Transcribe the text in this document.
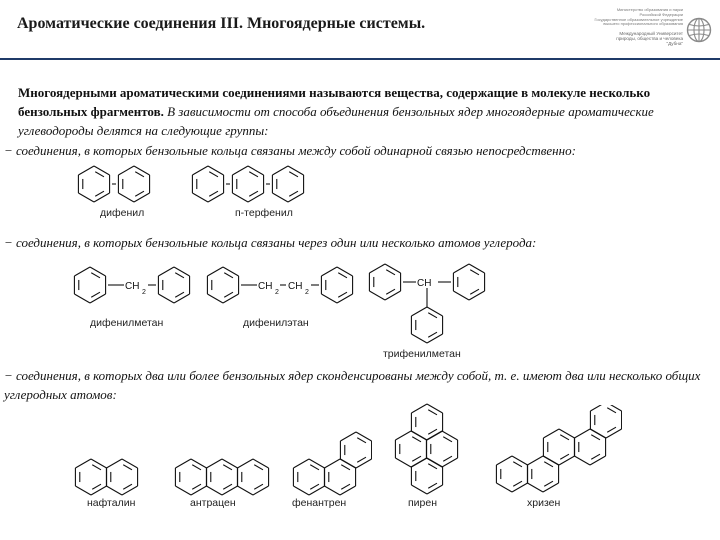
Ароматические соединения III. Многоядерные системы.
Министерство образования и науки
Российской Федерации
Государственное образовательное учреждение
высшего профессионального образования
Международный Университет
природы, общества и человека
"Дубна"
Многоядерными ароматическими соединениями называются вещества, содержащие в молекуле несколько бензольных фрагментов. В зависимости от способа объединения бензольных ядер многоядерные ароматические углеводороды делятся на следующие группы:
− соединения, в которых бензольные кольца связаны между собой одинарной связью непосредственно:
− соединения, в которых бензольные кольца связаны через один или несколько атомов углерода:
− соединения, в которых два или более бензольных ядер сконденсированы между собой, т. е. имеют два или несколько общих углеродных атомов:
дифенил	п-терфенил
CH
2
дифенилметан
CH
2
CH
2
дифенилэтан
CH
трифенилметан
нафталин	антрацен	фенантрен	пирен	хризен
